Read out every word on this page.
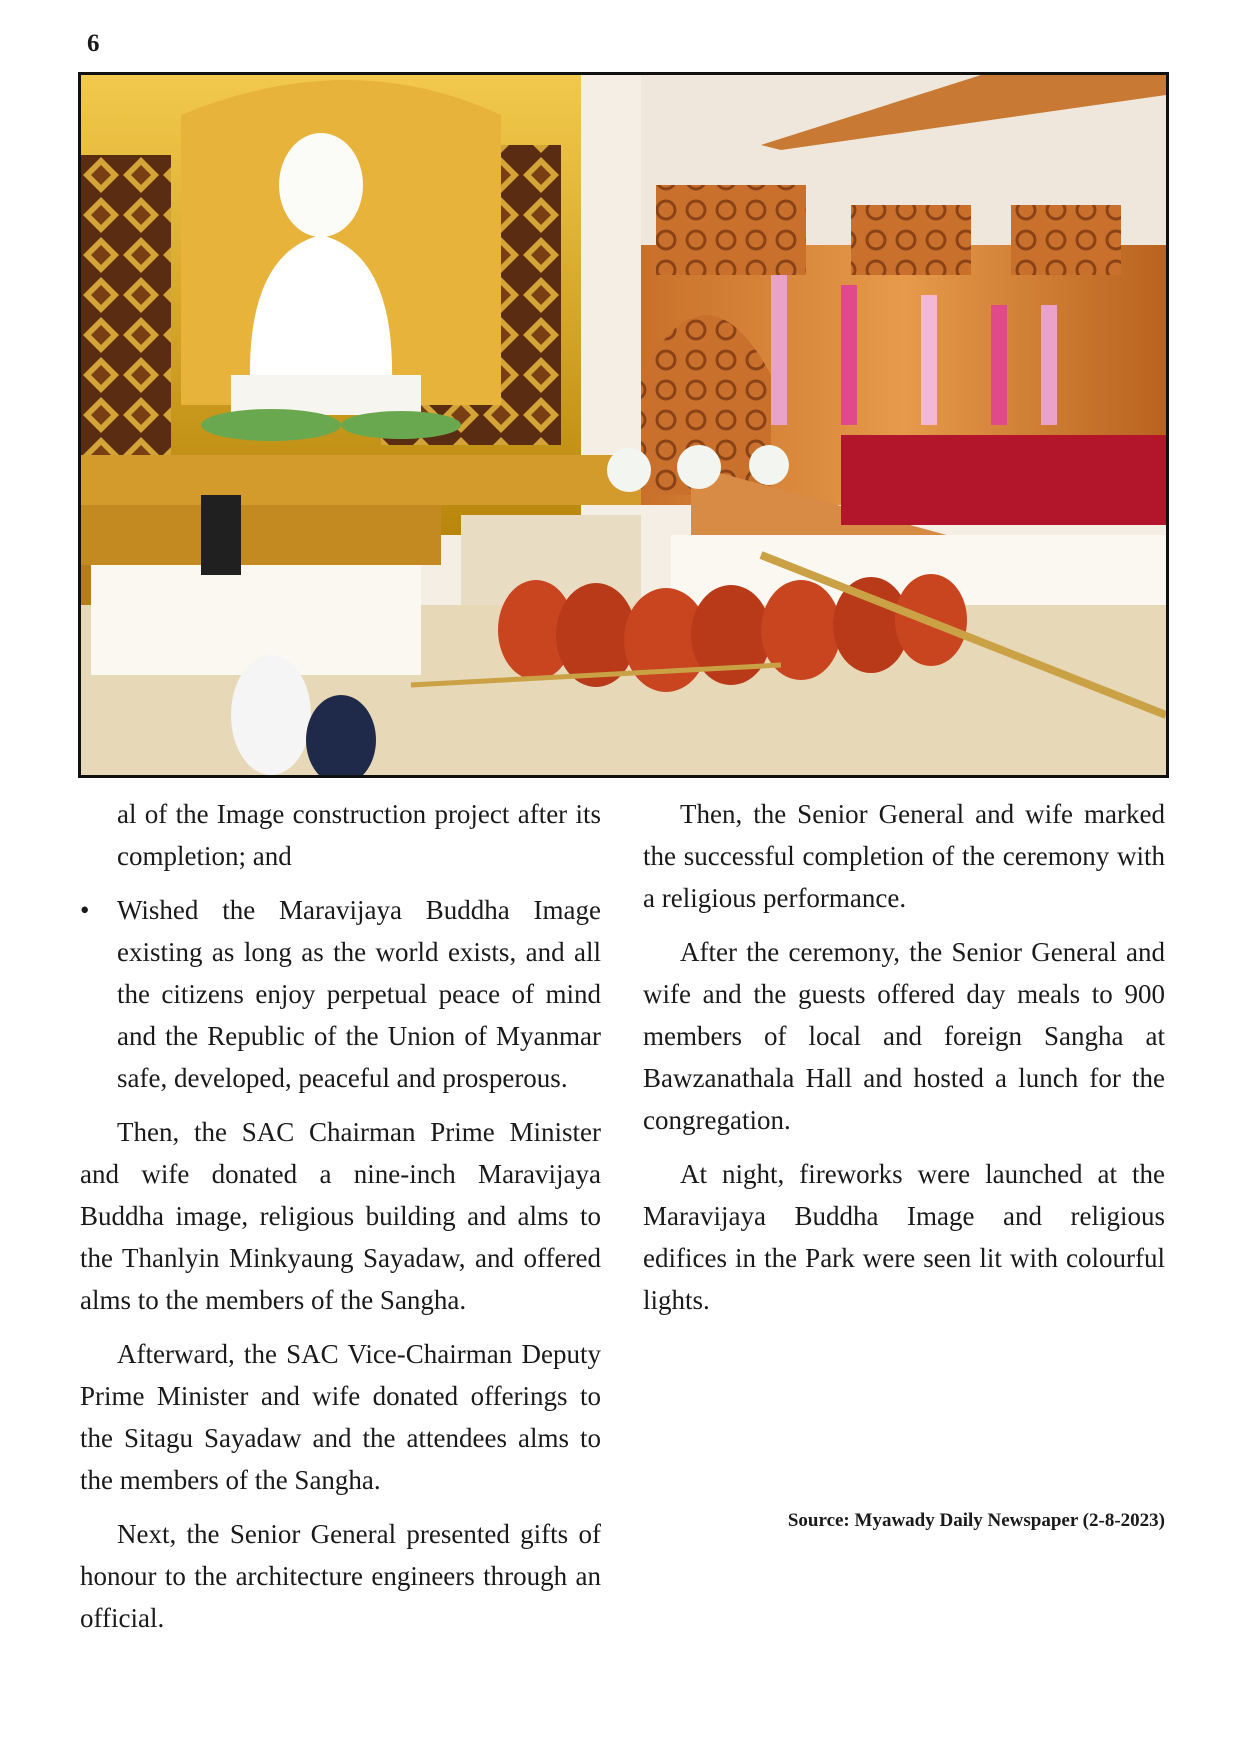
6

al of the Image construction project after its completion; and

•	Wished the Maravijaya Buddha Image existing as long as the world exists, and all the citizens enjoy perpetual peace of mind and the Republic of the Union of Myanmar safe, developed, peaceful and prosperous.

Then, the SAC Chairman Prime Minister and wife donated a nine-inch Maravijaya Buddha image, religious building and alms to the Thanlyin Minkyaung Sayadaw, and offered alms to the members of the Sangha.

Afterward, the SAC Vice-Chairman Deputy Prime Minister and wife donated offerings to the Sitagu Sayadaw and the attendees alms to the members of the Sangha.

Next, the Senior General presented gifts of honour to the architecture engineers through an official.

Then, the Senior General and wife marked the successful completion of the ceremony with a religious performance.

After the ceremony, the Senior General and wife and the guests offered day meals to 900 members of local and foreign Sangha at Bawzanathala Hall and hosted a lunch for the congregation.

At night, fireworks were launched at the Maravijaya Buddha Image and religious edifices in the Park were seen lit with colourful lights.

Source: Myawady Daily Newspaper (2-8-2023)
